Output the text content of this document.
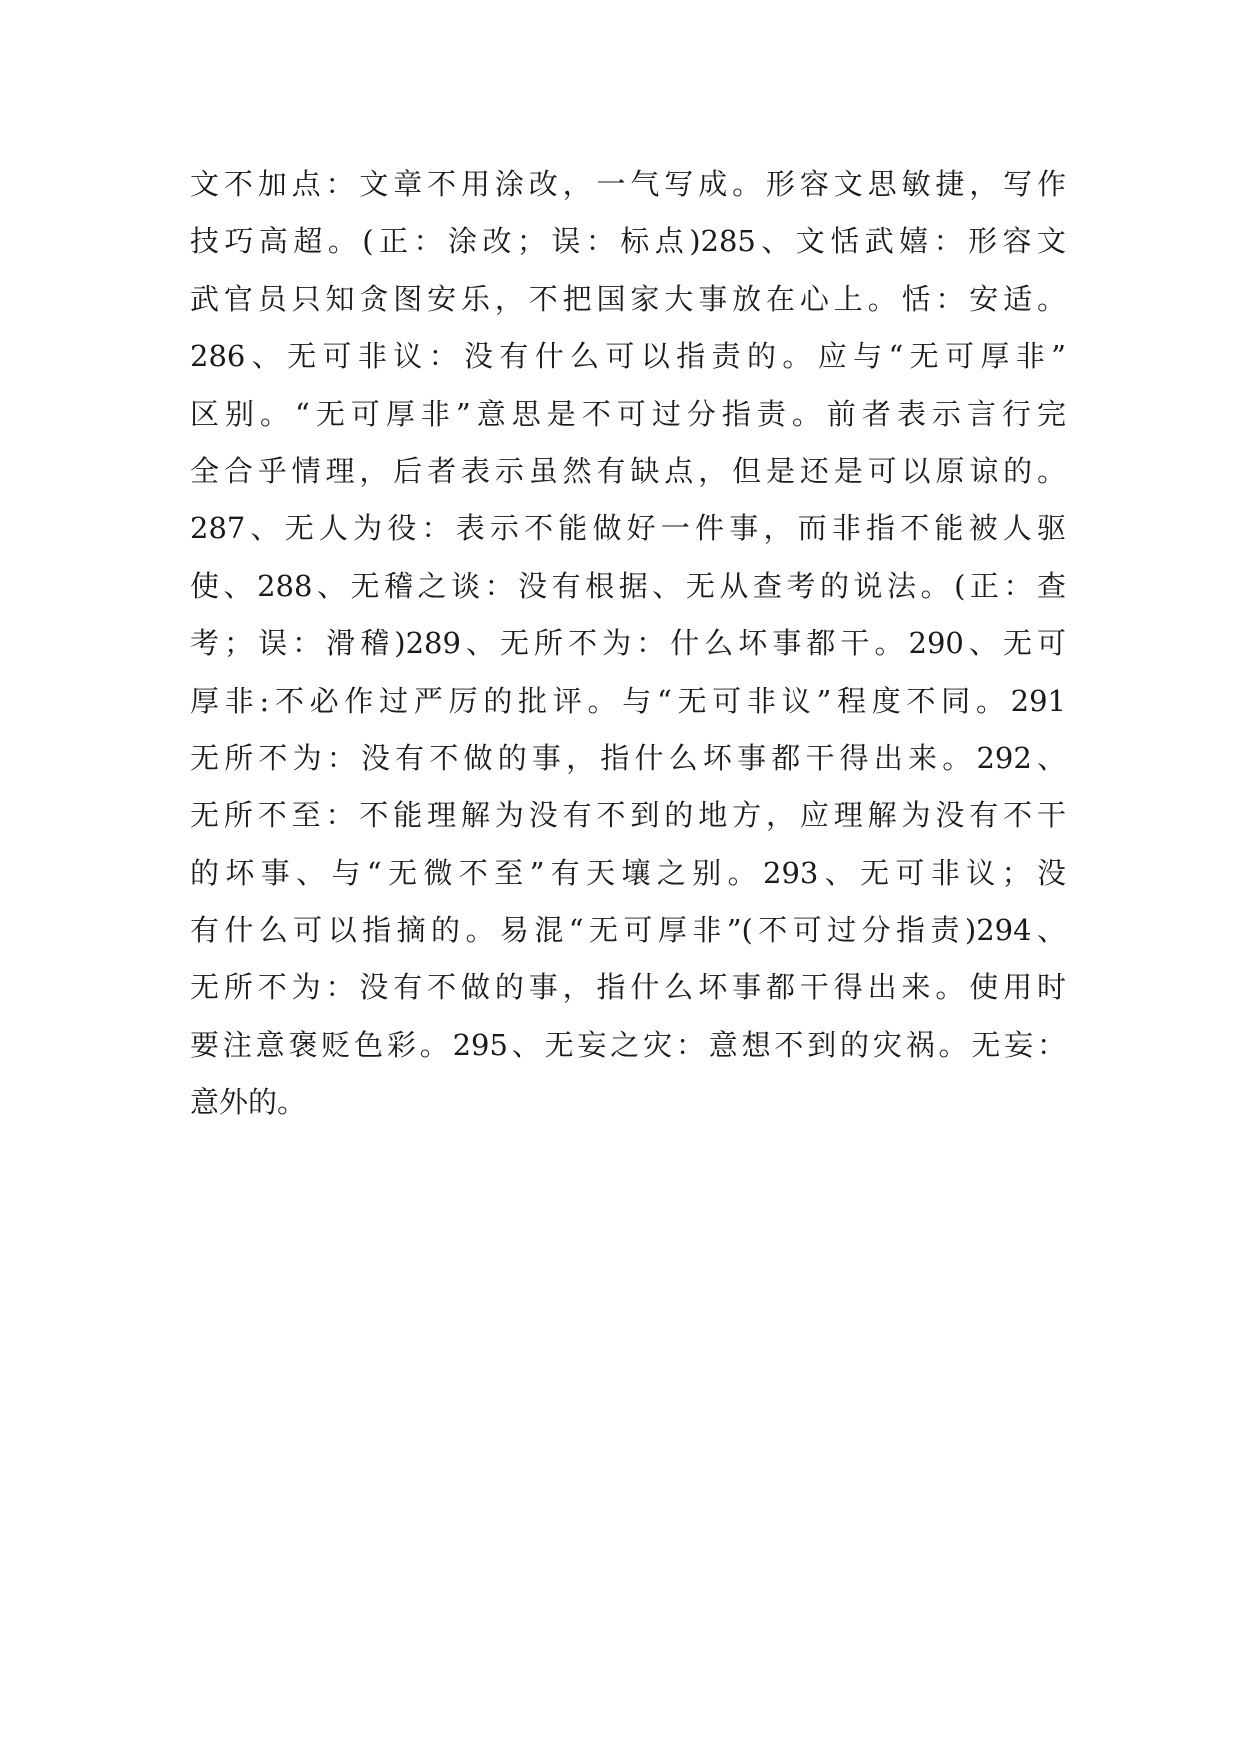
文不加点：文章不用涂改，一气写成。形容文思敏捷，写作
技巧高超。(正：涂改；误：标点)285、文恬武嬉：形容文
武官员只知贪图安乐，不把国家大事放在心上。恬：安适。
286、无可非议：没有什么可以指责的。应与“无可厚非”
区别。“无可厚非”意思是不可过分指责。前者表示言行完
全合乎情理，后者表示虽然有缺点，但是还是可以原谅的。
287、无人为役：表示不能做好一件事，而非指不能被人驱
使、288、无稽之谈：没有根据、无从查考的说法。(正：查
考；误：滑稽)289、无所不为：什么坏事都干。290、无可
厚非:不必作过严厉的批评。与“无可非议”程度不同。291
无所不为：没有不做的事，指什么坏事都干得出来。292、
无所不至：不能理解为没有不到的地方，应理解为没有不干
的坏事、与“无微不至”有天壤之别。293、无可非议；没
有什么可以指摘的。易混“无可厚非”(不可过分指责)294、
无所不为：没有不做的事，指什么坏事都干得出来。使用时
要注意褒贬色彩。295、无妄之灾：意想不到的灾祸。无妄：
意外的。
